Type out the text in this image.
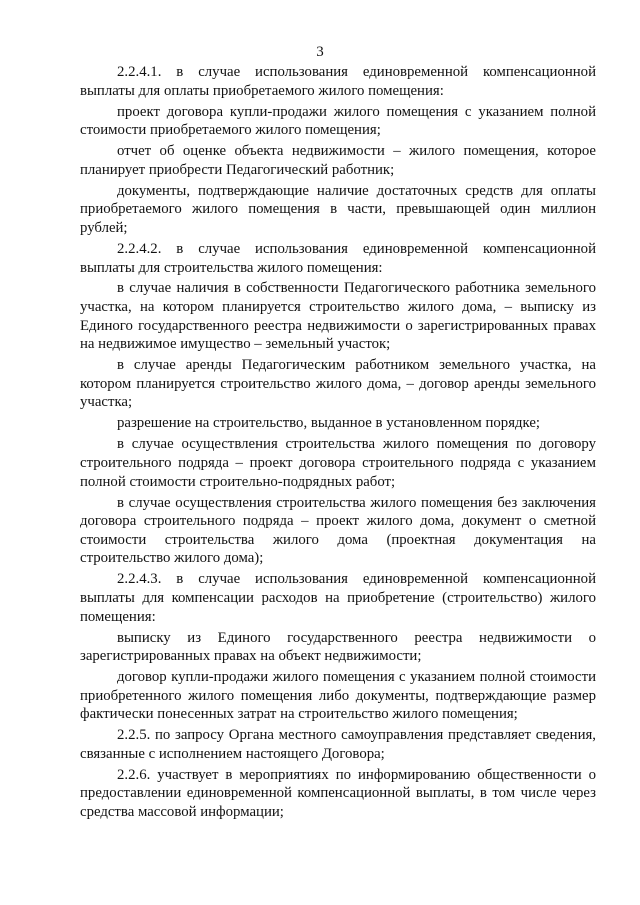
3

2.2.4.1. в случае использования единовременной компенсационной выплаты для оплаты приобретаемого жилого помещения:

проект договора купли-продажи жилого помещения с указанием полной стоимости приобретаемого жилого помещения;

отчет об оценке объекта недвижимости – жилого помещения, которое планирует приобрести Педагогический работник;

документы, подтверждающие наличие достаточных средств для оплаты приобретаемого жилого помещения в части, превышающей один миллион рублей;

2.2.4.2. в случае использования единовременной компенсационной выплаты для строительства жилого помещения:

в случае наличия в собственности Педагогического работника земельного участка, на котором планируется строительство жилого дома, – выписку из Единого государственного реестра недвижимости о зарегистрированных правах на недвижимое имущество – земельный участок;

в случае аренды Педагогическим работником земельного участка, на котором планируется строительство жилого дома, – договор аренды земельного участка;

разрешение на строительство, выданное в установленном порядке;

в случае осуществления строительства жилого помещения по договору строительного подряда – проект договора строительного подряда с указанием полной стоимости строительно-подрядных работ;

в случае осуществления строительства жилого помещения без заключения договора строительного подряда – проект жилого дома, документ о сметной стоимости строительства жилого дома (проектная документация на строительство жилого дома);

2.2.4.3. в случае использования единовременной компенсационной выплаты для компенсации расходов на приобретение (строительство) жилого помещения:

выписку из Единого государственного реестра недвижимости о зарегистрированных правах на объект недвижимости;

договор купли-продажи жилого помещения с указанием полной стоимости приобретенного жилого помещения либо документы, подтверждающие размер фактически понесенных затрат на строительство жилого помещения;

2.2.5. по запросу Органа местного самоуправления представляет сведения, связанные с исполнением настоящего Договора;

2.2.6. участвует в мероприятиях по информированию общественности о предоставлении единовременной компенсационной выплаты, в том числе через средства массовой информации;
